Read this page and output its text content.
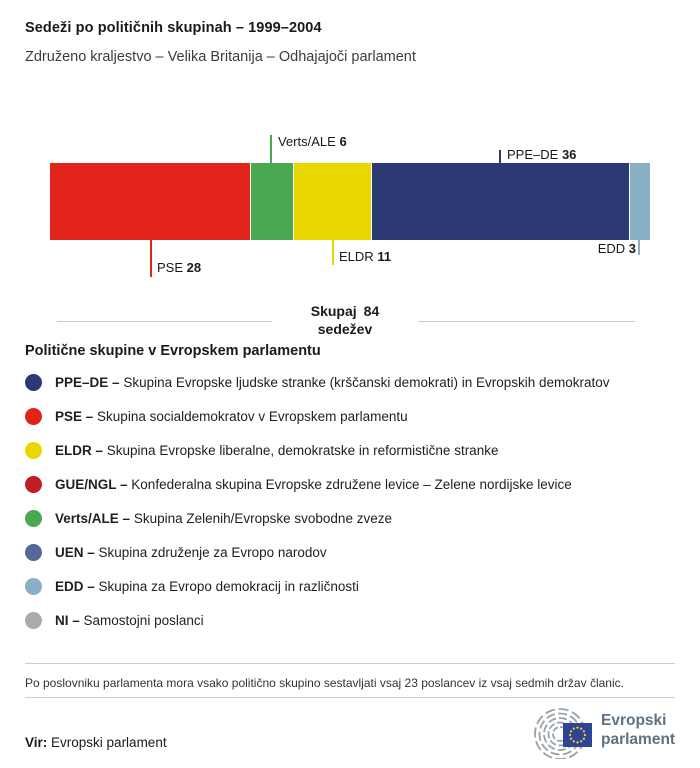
Sedeži po političnih skupinah – 1999–2004
Združeno kraljestvo – Velika Britanija – Odhajajoči parlament
Verts/ALE 6
PPE–DE 36
PSE 28
ELDR 11
EDD 3
Skupaj 84
sedežev
Politične skupine v Evropskem parlamentu
PPE–DE – Skupina Evropske ljudske stranke (krščanski demokrati) in Evropskih demokratov
PSE – Skupina socialdemokratov v Evropskem parlamentu
ELDR – Skupina Evropske liberalne, demokratske in reformistične stranke
GUE/NGL – Konfederalna skupina Evropske združene levice – Zelene nordijske levice
Verts/ALE – Skupina Zelenih/Evropske svobodne zveze
UEN – Skupina združenje za Evropo narodov
EDD – Skupina za Evropo demokracij in različnosti
NI – Samostojni poslanci
Po poslovniku parlamenta mora vsako politično skupino sestavljati vsaj 23 poslancev iz vsaj sedmih držav članic.
Vir: Evropski parlament
Evropski
parlament
